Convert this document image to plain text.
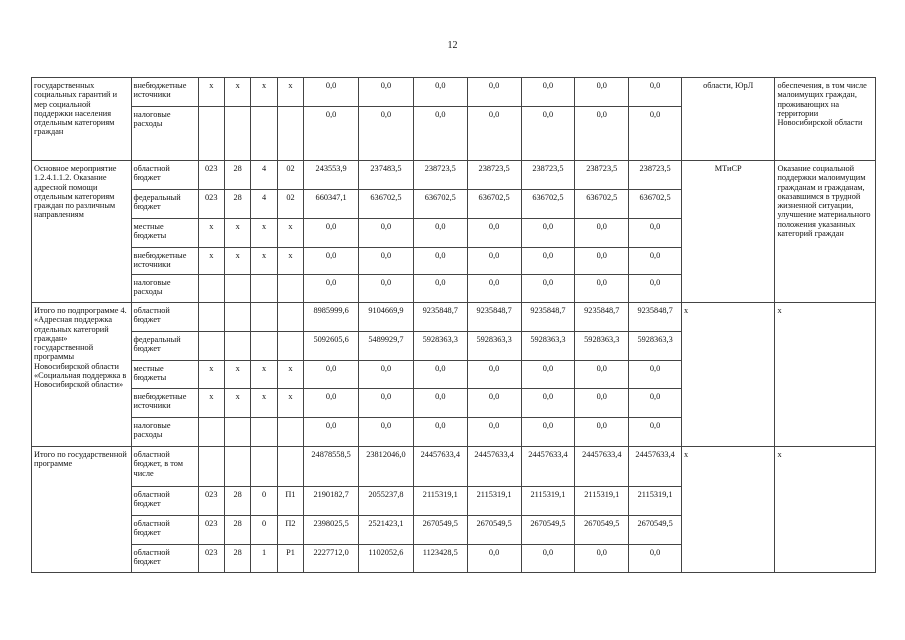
12
государственных социальных гарантий и мер социальной поддержки населения отдельным категориям граждан	внебюджетные источники	x	x	x	x	0,0	0,0	0,0	0,0	0,0	0,0	0,0	области, ЮрЛ	обеспечения, в том числе малоимущих граждан, проживающих на территории Новосибирской области
	налоговые расходы					0,0	0,0	0,0	0,0	0,0	0,0	0,0		
Основное мероприятие 1.2.4.1.1.2. Оказание адресной помощи отдельным категориям граждан по различным направлениям	областной бюджет	023	28	4	02	243553,9	237483,5	238723,5	238723,5	238723,5	238723,5	238723,5	МТиСР	Оказание социальной поддержки малоимущим гражданам и гражданам, оказавшимся в трудной жизненной ситуации, улучшение материального положения указанных категорий граждан
	федеральный бюджет	023	28	4	02	660347,1	636702,5	636702,5	636702,5	636702,5	636702,5	636702,5		
	местные бюджеты	x	x	x	x	0,0	0,0	0,0	0,0	0,0	0,0	0,0		
	внебюджетные источники	x	x	x	x	0,0	0,0	0,0	0,0	0,0	0,0	0,0		
	налоговые расходы					0,0	0,0	0,0	0,0	0,0	0,0	0,0		
Итого по подпрограмме 4. «Адресная поддержка отдельных категорий граждан» государственной программы Новосибирской области «Социальная поддержка в Новосибирской области»	областной бюджет					8985999,6	9104669,9	9235848,7	9235848,7	9235848,7	9235848,7	9235848,7	x	x
	федеральный бюджет					5092605,6	5489929,7	5928363,3	5928363,3	5928363,3	5928363,3	5928363,3		
	местные бюджеты	x	x	x	x	0,0	0,0	0,0	0,0	0,0	0,0	0,0		
	внебюджетные источники	x	x	x	x	0,0	0,0	0,0	0,0	0,0	0,0	0,0		
	налоговые расходы					0,0	0,0	0,0	0,0	0,0	0,0	0,0		
Итого по государственной программе	областной бюджет, в том числе					24878558,5	23812046,0	24457633,4	24457633,4	24457633,4	24457633,4	24457633,4	x	x
	областной бюджет	023	28	0	П1	2190182,7	2055237,8	2115319,1	2115319,1	2115319,1	2115319,1	2115319,1		
	областной бюджет	023	28	0	П2	2398025,5	2521423,1	2670549,5	2670549,5	2670549,5	2670549,5	2670549,5		
	областной бюджет	023	28	1	Р1	2227712,0	1102052,6	1123428,5	0,0	0,0	0,0	0,0		
